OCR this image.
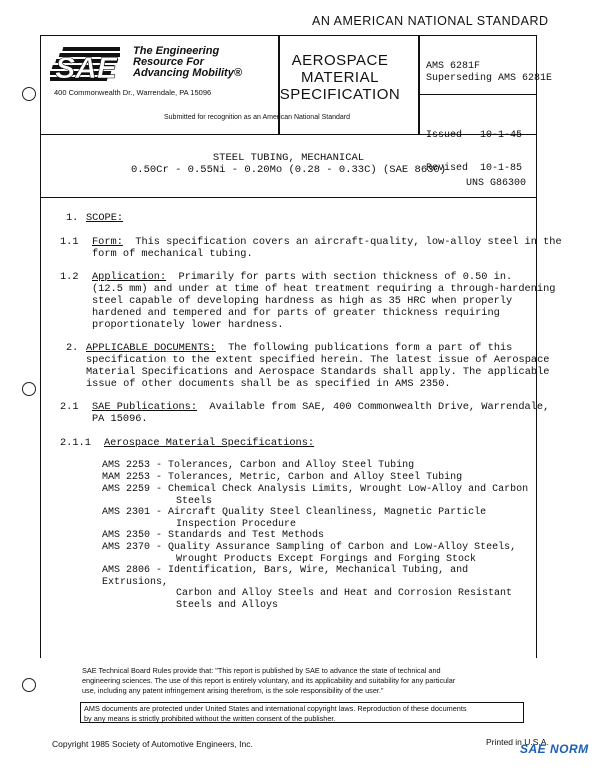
AN AMERICAN NATIONAL STANDARD
SAE
The Engineering
Resource For
Advancing Mobility®
400 Commonwealth Dr., Warrendale, PA 15096
AEROSPACE
MATERIAL
SPECIFICATION
Submitted for recognition as an American National Standard
AMS 6281F
Superseding AMS 6281E

Issued   10-1-45

Revised  10-1-85

STEEL TUBING, MECHANICAL
0.50Cr - 0.55Ni - 0.20Mo (0.28 - 0.33C) (SAE 8630)
UNS G86300
1. SCOPE:
1.1 Form:  This specification covers an aircraft-quality, low-alloy steel in the
form of mechanical tubing.
1.2 Application:  Primarily for parts with section thickness of 0.50 in.
(12.5 mm) and under at time of heat treatment requiring a through-hardening
steel capable of developing hardness as high as 35 HRC when properly
hardened and tempered and for parts of greater thickness requiring
proportionately lower hardness.
2. APPLICABLE DOCUMENTS:  The following publications form a part of this
specification to the extent specified herein. The latest issue of Aerospace
Material Specifications and Aerospace Standards shall apply. The applicable
issue of other documents shall be as specified in AMS 2350.
2.1 SAE Publications:  Available from SAE, 400 Commonwealth Drive, Warrendale,
PA 15096.
2.1.1 Aerospace Material Specifications:
AMS 2253 - Tolerances, Carbon and Alloy Steel Tubing
MAM 2253 - Tolerances, Metric, Carbon and Alloy Steel Tubing
AMS 2259 - Chemical Check Analysis Limits, Wrought Low-Alloy and Carbon
Steels
AMS 2301 - Aircraft Quality Steel Cleanliness, Magnetic Particle
Inspection Procedure
AMS 2350 - Standards and Test Methods
AMS 2370 - Quality Assurance Sampling of Carbon and Low-Alloy Steels,
Wrought Products Except Forgings and Forging Stock
AMS 2806 - Identification, Bars, Wire, Mechanical Tubing, and Extrusions,
Carbon and Alloy Steels and Heat and Corrosion Resistant
Steels and Alloys
SAE Technical Board Rules provide that: "This report is published by SAE to advance the state of technical and
engineering sciences. The use of this report is entirely voluntary, and its applicability and suitability for any particular
use, including any patent infringement arising therefrom, is the sole responsibility of the user."
AMS documents are protected under United States and international copyright laws. Reproduction of these documents
by any means is strictly prohibited without the written consent of the publisher.
Copyright 1985 Society of Automotive Engineers, Inc.	Printed in U.S.A.
SAE NORM
